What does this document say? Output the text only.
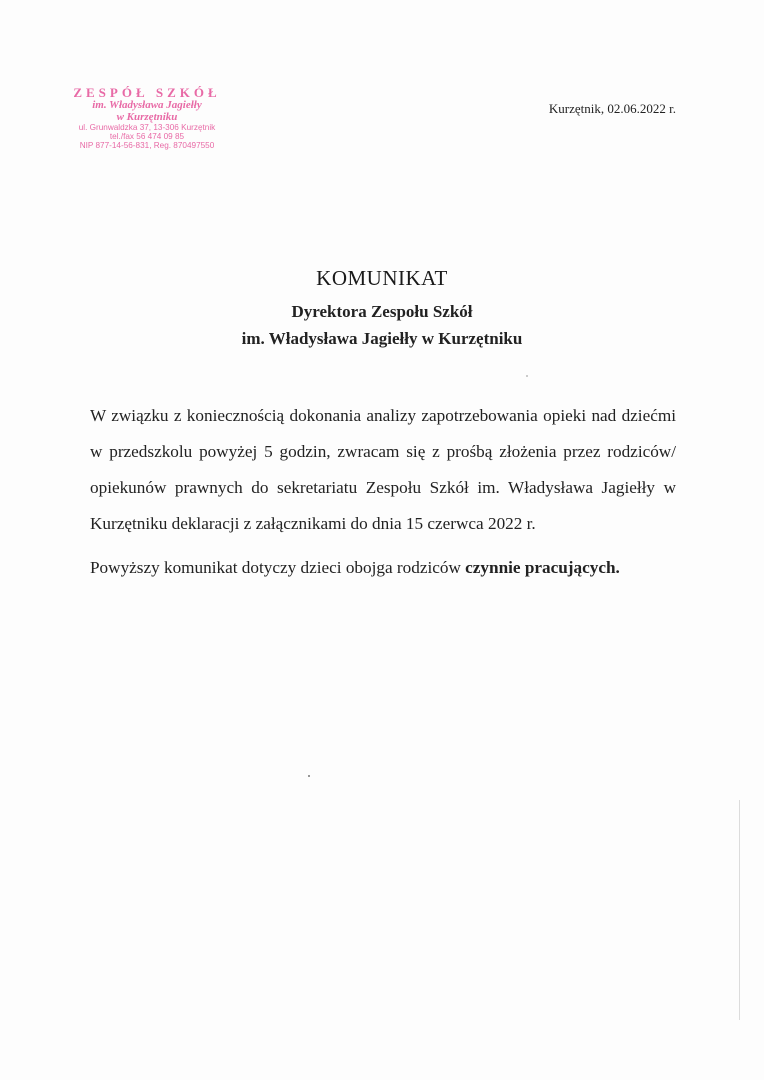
ZESPÓŁ SZKÓŁ
im. Władysława Jagiełły
w Kurzętniku
ul. Grunwaldzka 37, 13-306 Kurzętnik
tel./fax 56 474 09 85
NIP 877-14-56-831, Reg. 870497550
Kurzętnik, 02.06.2022 r.
KOMUNIKAT
Dyrektora Zespołu Szkół
im. Władysława Jagiełły w Kurzętniku

W związku z koniecznością dokonania analizy zapotrzebowania opieki nad dziećmi w przedszkolu powyżej 5 godzin, zwracam się z prośbą złożenia przez rodziców/ opiekunów prawnych do sekretariatu Zespołu Szkół im. Władysława Jagiełły w Kurzętniku deklaracji z załącznikami do dnia 15 czerwca 2022 r.

Powyższy komunikat dotyczy dzieci obojga rodziców czynnie pracujących.
